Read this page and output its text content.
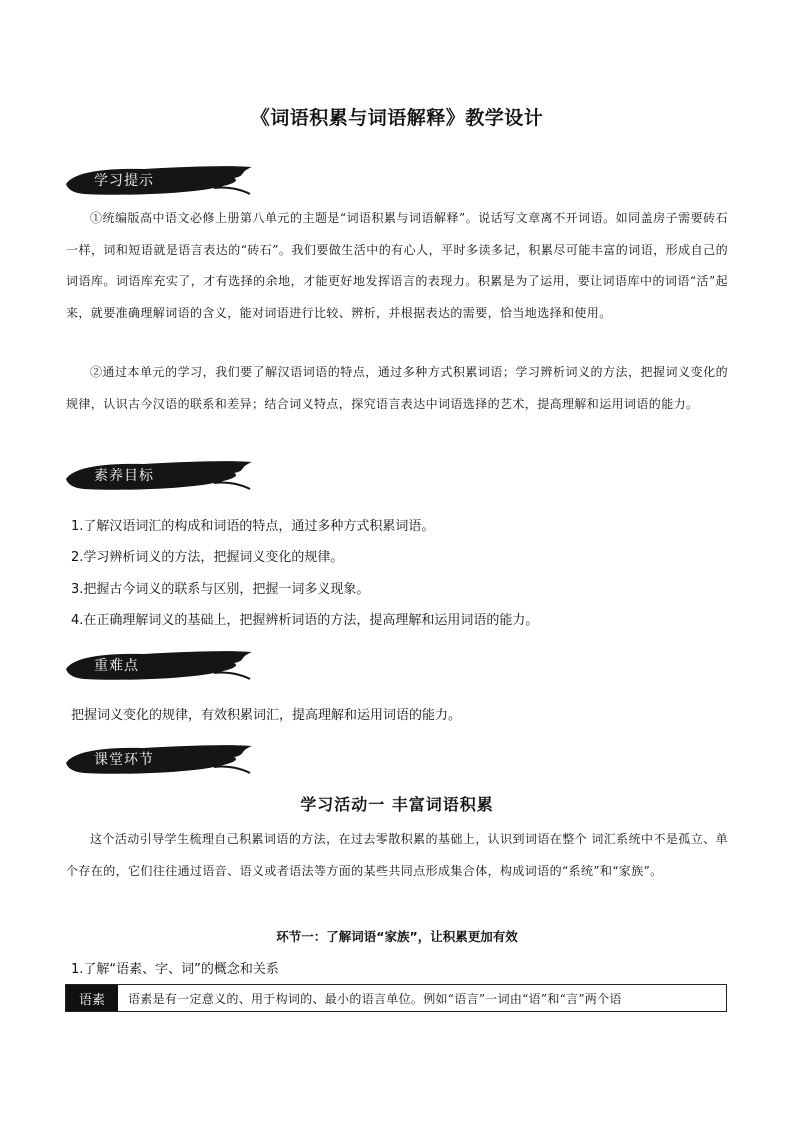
《词语积累与词语解释》教学设计
学习提示
①统编版高中语文必修上册第八单元的主题是“词语积累与词语解释”。说话写文章离不开词语。如同盖房子需要砖石一样，词和短语就是语言表达的“砖石”。我们要做生活中的有心人，平时多读多记，积累尽可能丰富的词语，形成自己的词语库。词语库充实了，才有选择的余地，才能更好地发挥语言的表现力。积累是为了运用，要让词语库中的词语“活”起来，就要准确理解词语的含义，能对词语进行比较、辨析，并根据表达的需要，恰当地选择和使用。
②通过本单元的学习，我们要了解汉语词语的特点，通过多种方式积累词语；学习辨析词义的方法，把握词义变化的规律，认识古今汉语的联系和差异；结合词义特点，探究语言表达中词语选择的艺术，提高理解和运用词语的能力。
素养目标
1.了解汉语词汇的构成和词语的特点，通过多种方式积累词语。
2.学习辨析词义的方法，把握词义变化的规律。
3.把握古今词义的联系与区别，把握一词多义现象。
4.在正确理解词义的基础上，把握辨析词语的方法，提高理解和运用词语的能力。
重难点
把握词义变化的规律，有效积累词汇，提高理解和运用词语的能力。
课堂环节
学习活动一 丰富词语积累
这个活动引导学生梳理自己积累词语的方法，在过去零散积累的基础上，认识到词语在整个 词汇系统中不是孤立、单个存在的，它们往往通过语音、语义或者语法等方面的某些共同点形成集合体，构成词语的“系统”和“家族”。
环节一：了解词语“家族”，让积累更加有效
1.了解“语素、字、词”的概念和关系
语素	语素是有一定意义的、用于构词的、最小的语言单位。例如“语言”一词由“语”和“言”两个语
